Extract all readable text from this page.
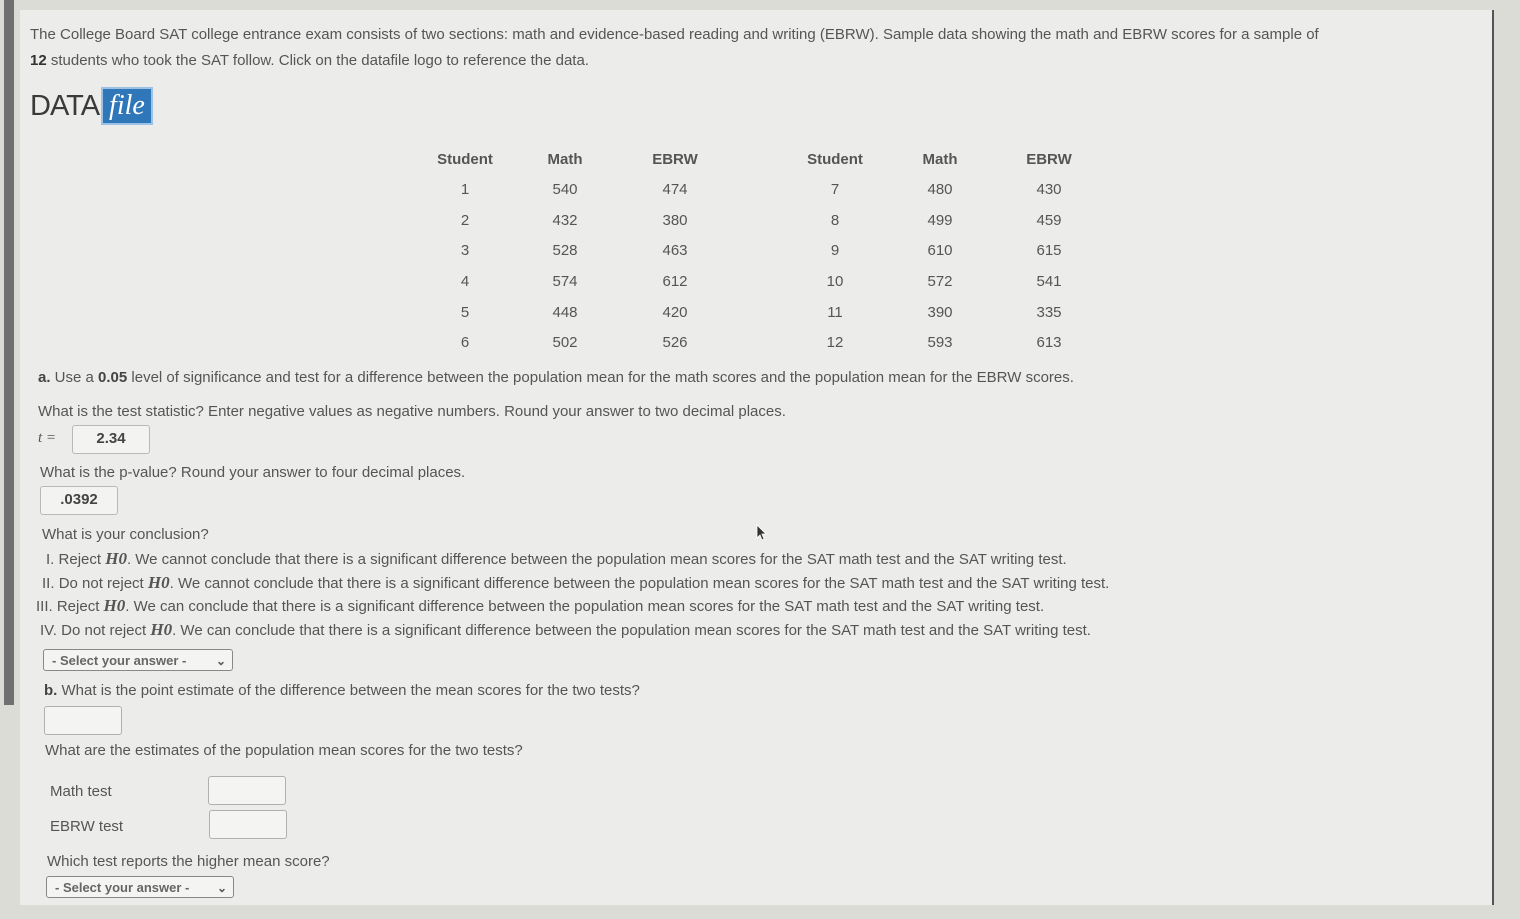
The College Board SAT college entrance exam consists of two sections: math and evidence-based reading and writing (EBRW). Sample data showing the math and EBRW scores for a sample of
12 students who took the SAT follow. Click on the datafile logo to reference the data.
DATA file
Student	Math	EBRW		Student	Math	EBRW
1	540	474		7	480	430
2	432	380		8	499	459
3	528	463		9	610	615
4	574	612		10	572	541
5	448	420		11	390	335
6	502	526		12	593	613
a. Use a 0.05 level of significance and test for a difference between the population mean for the math scores and the population mean for the EBRW scores.
What is the test statistic? Enter negative values as negative numbers. Round your answer to two decimal places.
t =	2.34
What is the p-value? Round your answer to four decimal places.
.0392
What is your conclusion?
I. Reject H0. We cannot conclude that there is a significant difference between the population mean scores for the SAT math test and the SAT writing test.
II. Do not reject H0. We cannot conclude that there is a significant difference between the population mean scores for the SAT math test and the SAT writing test.
III. Reject H0. We can conclude that there is a significant difference between the population mean scores for the SAT math test and the SAT writing test.
IV. Do not reject H0. We can conclude that there is a significant difference between the population mean scores for the SAT math test and the SAT writing test.
- Select your answer - ⌄
b. What is the point estimate of the difference between the mean scores for the two tests?
What are the estimates of the population mean scores for the two tests?
Math test
EBRW test
Which test reports the higher mean score?
- Select your answer - ⌄
